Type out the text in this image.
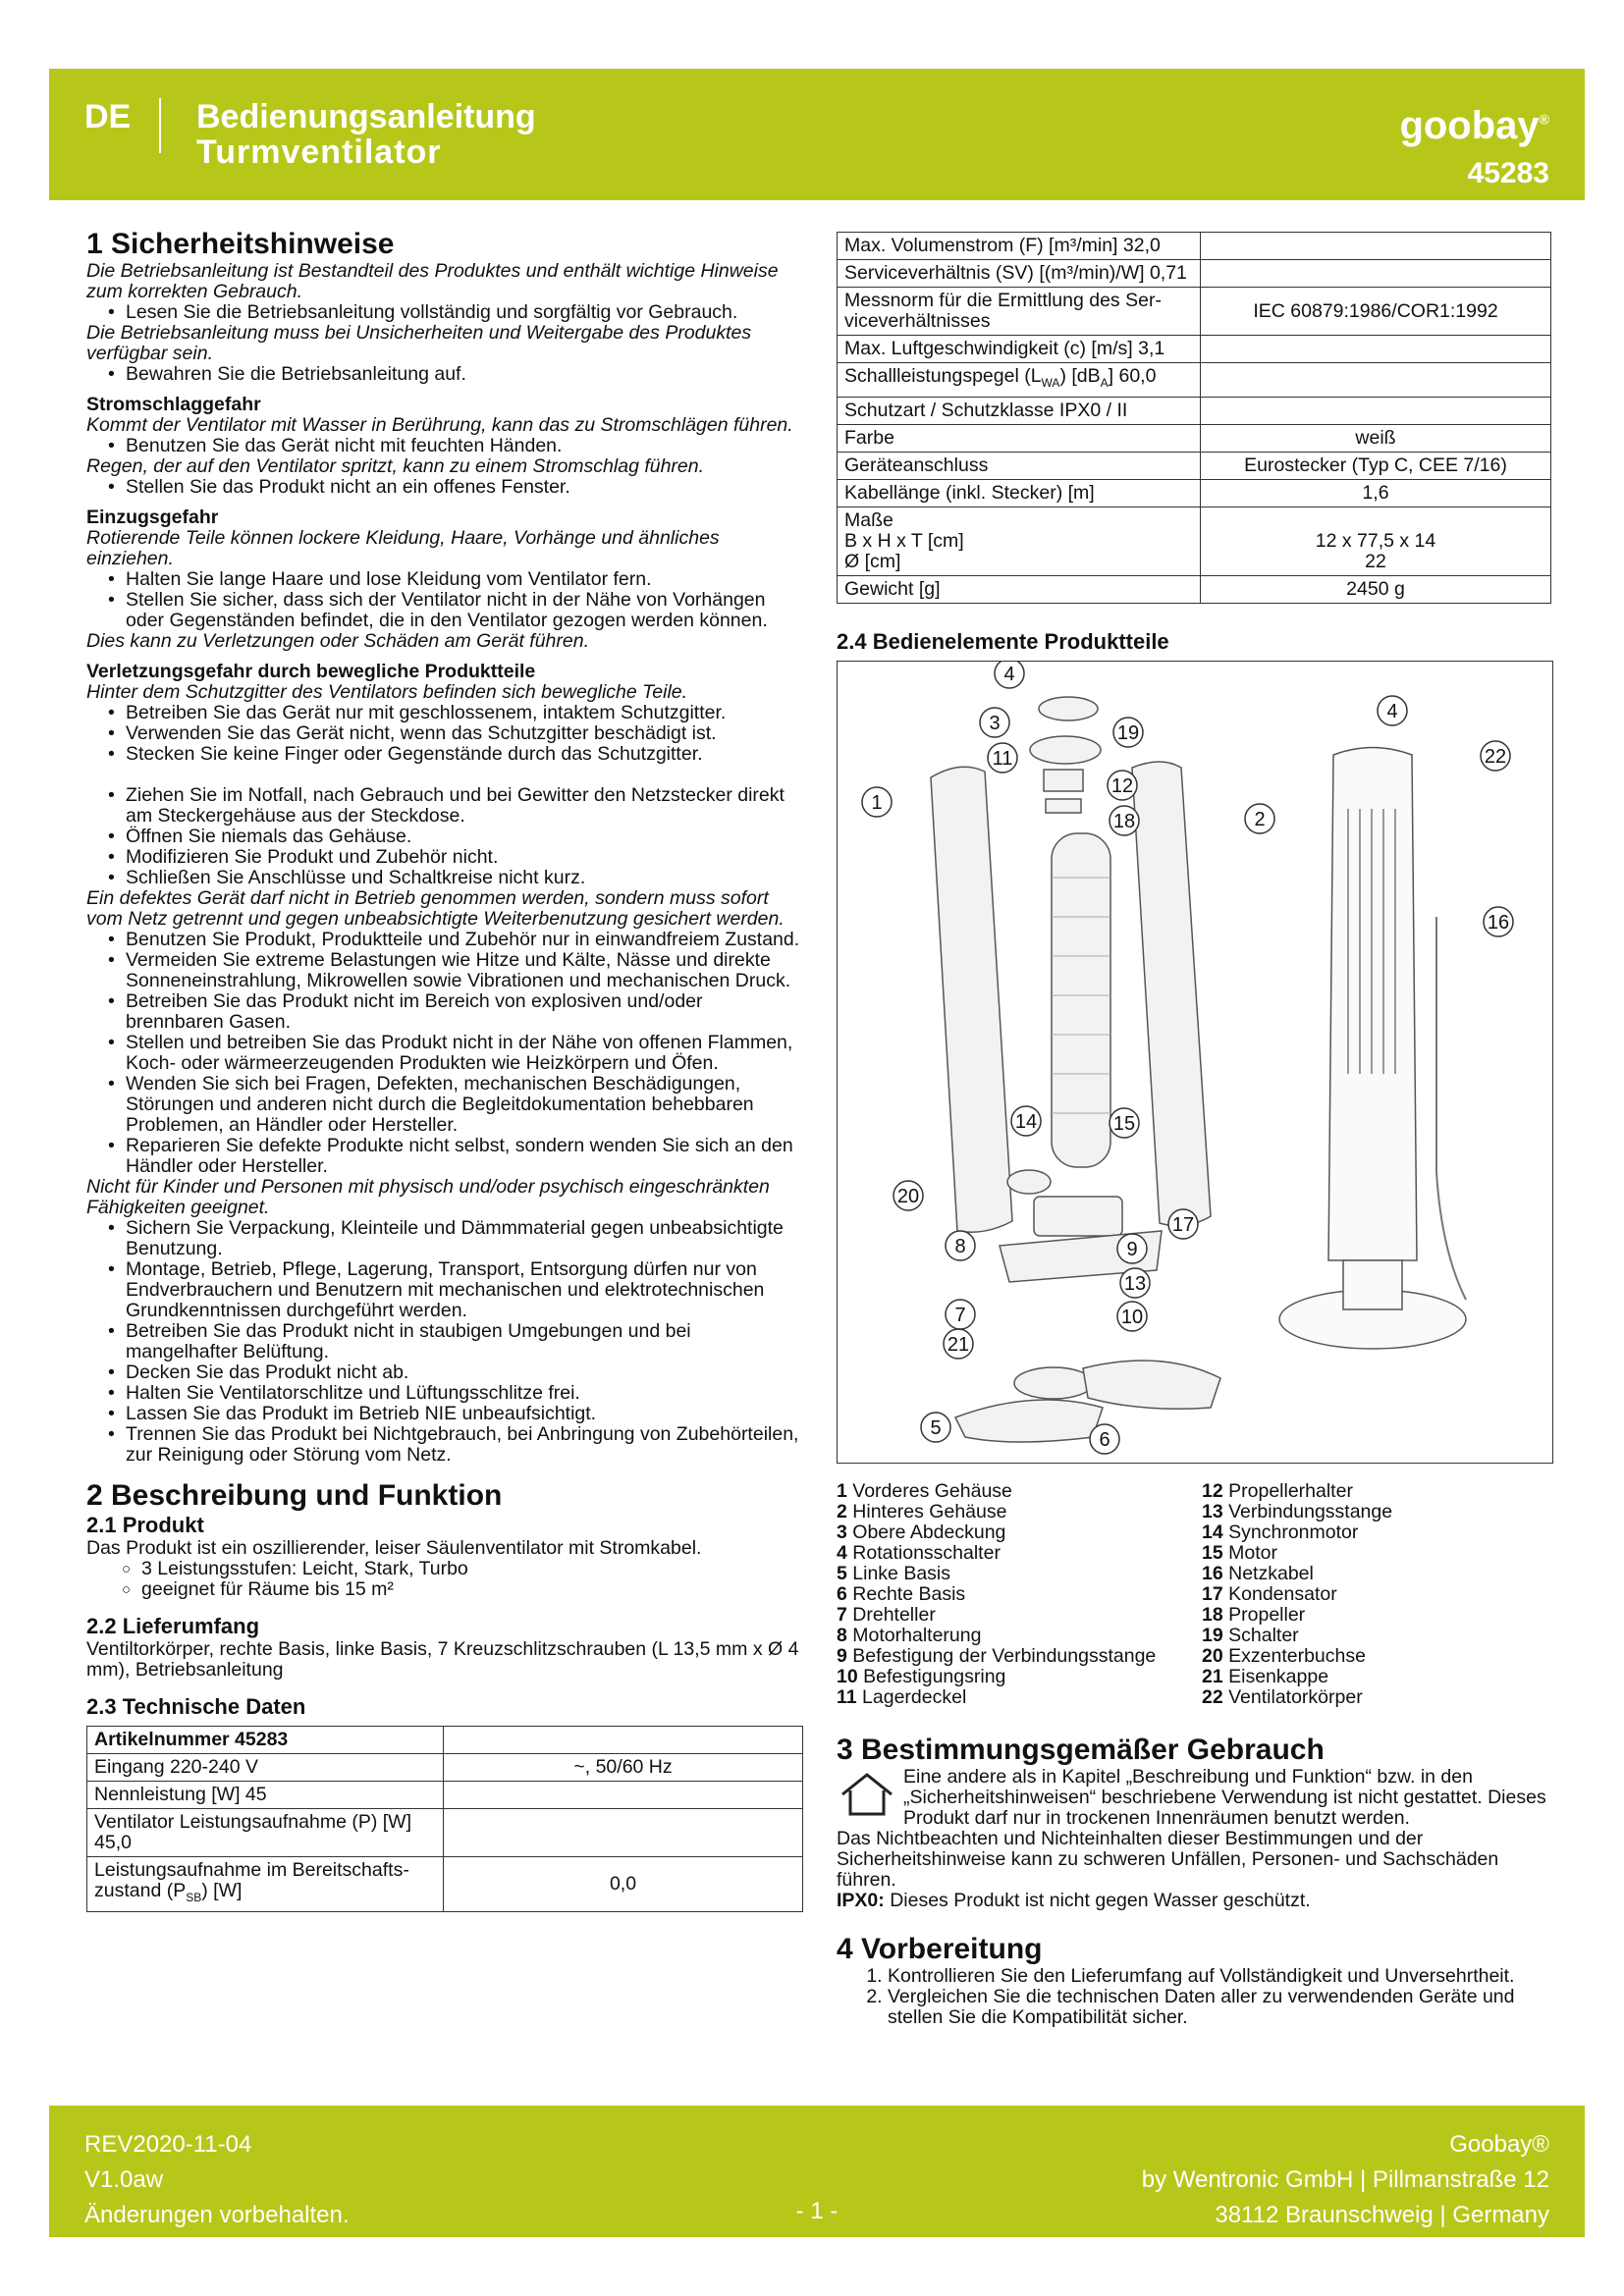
DE Bedienungsanleitung
Turmventilator
goobay®
45283
1 Sicherheitshinweise

Die Betriebsanleitung ist Bestandteil des Produktes und enthält wichtige Hinweise zum korrekten Gebrauch.

• Lesen Sie die Betriebsanleitung vollständig und sorgfältig vor Gebrauch.

Die Betriebsanleitung muss bei Unsicherheiten und Weitergabe des Produktes verfügbar sein.

• Bewahren Sie die Betriebsanleitung auf.

Stromschlaggefahr

Kommt der Ventilator mit Wasser in Berührung, kann das zu Stromschlägen führen.

• Benutzen Sie das Gerät nicht mit feuchten Händen.

Regen, der auf den Ventilator spritzt, kann zu einem Stromschlag führen.

• Stellen Sie das Produkt nicht an ein offenes Fenster.

Einzugsgefahr

Rotierende Teile können lockere Kleidung, Haare, Vorhänge und ähnliches einziehen.

• Halten Sie lange Haare und lose Kleidung vom Ventilator fern.
• Stellen Sie sicher, dass sich der Ventilator nicht in der Nähe von Vorhängen oder Gegenständen befindet, die in den Ventilator gezogen werden können.

Dies kann zu Verletzungen oder Schäden am Gerät führen.

Verletzungsgefahr durch bewegliche Produktteile

Hinter dem Schutzgitter des Ventilators befinden sich bewegliche Teile.

• Betreiben Sie das Gerät nur mit geschlossenem, intaktem Schutzgitter.
• Verwenden Sie das Gerät nicht, wenn das Schutzgitter beschädigt ist.
• Stecken Sie keine Finger oder Gegenstände durch das Schutzgitter.
• Ziehen Sie im Notfall, nach Gebrauch und bei Gewitter den Netzstecker direkt am Steckergehäuse aus der Steckdose.
• Öffnen Sie niemals das Gehäuse.
• Modifizieren Sie Produkt und Zubehör nicht.
• Schließen Sie Anschlüsse und Schaltkreise nicht kurz.

Ein defektes Gerät darf nicht in Betrieb genommen werden, sondern muss sofort vom Netz getrennt und gegen unbeabsichtigte Weiterbenutzung gesichert werden.

• Benutzen Sie Produkt, Produktteile und Zubehör nur in einwandfreiem Zustand.
• Vermeiden Sie extreme Belastungen wie Hitze und Kälte, Nässe und direkte Sonneneinstrahlung, Mikrowellen sowie Vibrationen und mechanischen Druck.
• Betreiben Sie das Produkt nicht im Bereich von explosiven und/oder brennbaren Gasen.
• Stellen und betreiben Sie das Produkt nicht in der Nähe von offenen Flammen, Koch- oder wärmeerzeugenden Produkten wie Heizkörpern und Öfen.
• Wenden Sie sich bei Fragen, Defekten, mechanischen Beschädigungen, Störungen und anderen nicht durch die Begleitdokumentation behebbaren Problemen, an Händler oder Hersteller.
• Reparieren Sie defekte Produkte nicht selbst, sondern wenden Sie sich an den Händler oder Hersteller.

Nicht für Kinder und Personen mit physisch und/oder psychisch eingeschränkten Fähigkeiten geeignet.

• Sichern Sie Verpackung, Kleinteile und Dämmmaterial gegen unbeabsichtigte Benutzung.
• Montage, Betrieb, Pflege, Lagerung, Transport, Entsorgung dürfen nur von Endverbrauchern und Benutzern mit mechanischen und elektrotechnischen Grundkenntnissen durchgeführt werden.
• Betreiben Sie das Produkt nicht in staubigen Umgebungen und bei mangelhafter Belüftung.
• Decken Sie das Produkt nicht ab.
• Halten Sie Ventilatorschlitze und Lüftungsschlitze frei.
• Lassen Sie das Produkt im Betrieb NIE unbeaufsichtigt.
• Trennen Sie das Produkt bei Nichtgebrauch, bei Anbringung von Zubehörteilen, zur Reinigung oder Störung vom Netz.
2 Beschreibung und Funktion
2.1 Produkt

Das Produkt ist ein oszillierender, leiser Säulenventilator mit Stromkabel.

○ 3 Leistungsstufen: Leicht, Stark, Turbo
○ geeignet für Räume bis 15 m²
2.2 Lieferumfang

Ventiltorkörper, rechte Basis, linke Basis, 7 Kreuzschlitzschrauben (L 13,5 mm x Ø 4 mm), Betriebsanleitung

2.3 Technische Daten
Artikelnummer 45283	
Eingang 220-240 V	~, 50/60 Hz
Nennleistung [W] 45	
Ventilator Leistungsaufnahme (P) [W] 45,0	
Leistungsaufnahme im Bereitschafts-
zustand $(P_{SB})$ [W]	0,0
Max. Volumenstrom (F) [m³/min] 32,0	
Serviceverhältnis (SV) [(m³/min)/W] 0,71	
Messnorm für die Ermittlung des Ser-
viceverhältnisses	IEC 60879:1986/COR1:1992
Max. Luftgeschwindigkeit (c) [m/s] 3,1	
Schallleistungspegel $(L_{WA})$ $[dB_A]$ 60,0	
Schutzart / Schutzklasse IPX0 / II	
Farbe	weiß
Geräteanschluss	Eurostecker (Typ C, CEE 7/16)
Kabellänge (inkl. Stecker) [m]	1,6
Maße
B x H x T [cm]
Ø [cm]	12 x 77,5 x 14
22
Gewicht [g]	2450 g
2.4 Bedienelemente Produktteile
1
2
3
4
5
6
7
8	9
10
11
12
13
14	15
16
17
18
19
20
21
22
4
1 Vorderes Gehäuse
2 Hinteres Gehäuse
3 Obere Abdeckung
4 Rotationsschalter
5 Linke Basis
6 Rechte Basis
7 Drehteller
8 Motorhalterung
9 Befestigung der Verbindungsstange
10 Befestigungsring
11 Lagerdeckel
12 Propellerhalter
13 Verbindungsstange
14 Synchronmotor
15 Motor
16 Netzkabel
17 Kondensator
18 Propeller
19 Schalter
20 Exzenterbuchse
21 Eisenkappe
22 Ventilatorkörper
3 Bestimmungsgemäßer Gebrauch

Eine andere als in Kapitel „Beschreibung und Funktion“ bzw. in den „Sicherheitshinweisen“ beschriebene Verwendung ist nicht gestattet. Dieses Produkt darf nur in trockenen Innenräumen benutzt werden.

Das Nichtbeachten und Nichteinhalten dieser Bestimmungen und der Sicherheitshinweise kann zu schweren Unfällen, Personen- und Sachschäden führen.

IPX0: Dieses Produkt ist nicht gegen Wasser geschützt.

4 Vorbereitung
1. Kontrollieren Sie den Lieferumfang auf Vollständigkeit und Unversehrtheit.
2. Vergleichen Sie die technischen Daten aller zu verwendenden Geräte und stellen Sie die Kompatibilität sicher.
REV2020-11-04
V1.0aw
Änderungen vorbehalten.	- 1 -
Goobay®
by Wentronic GmbH | Pillmanstraße 12
38112 Braunschweig | Germany
